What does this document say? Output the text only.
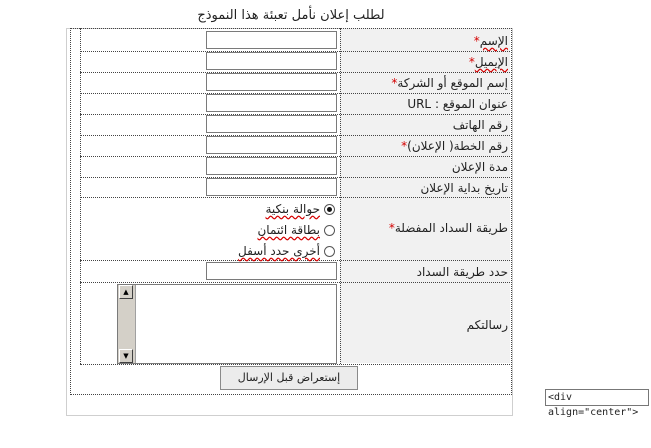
لطلب إعلان نأمل تعبئة هذا النموذج
الإسم*
الإيميل*
إسم الموقع أو الشركة*
عنوان الموقع : URL
رقم الهاتف
رقم الخطة( الإعلان)*
مدة الإعلان
تاريخ بداية الإعلان
طريقة السداد المفضلة*
حدد طريقة السداد
رسالتكم
حوالة بنكية
بطاقة ائتمان
أخرى حدد أسفل
▲
▼
إستعراض قبل الإرسال
<div align="center">
